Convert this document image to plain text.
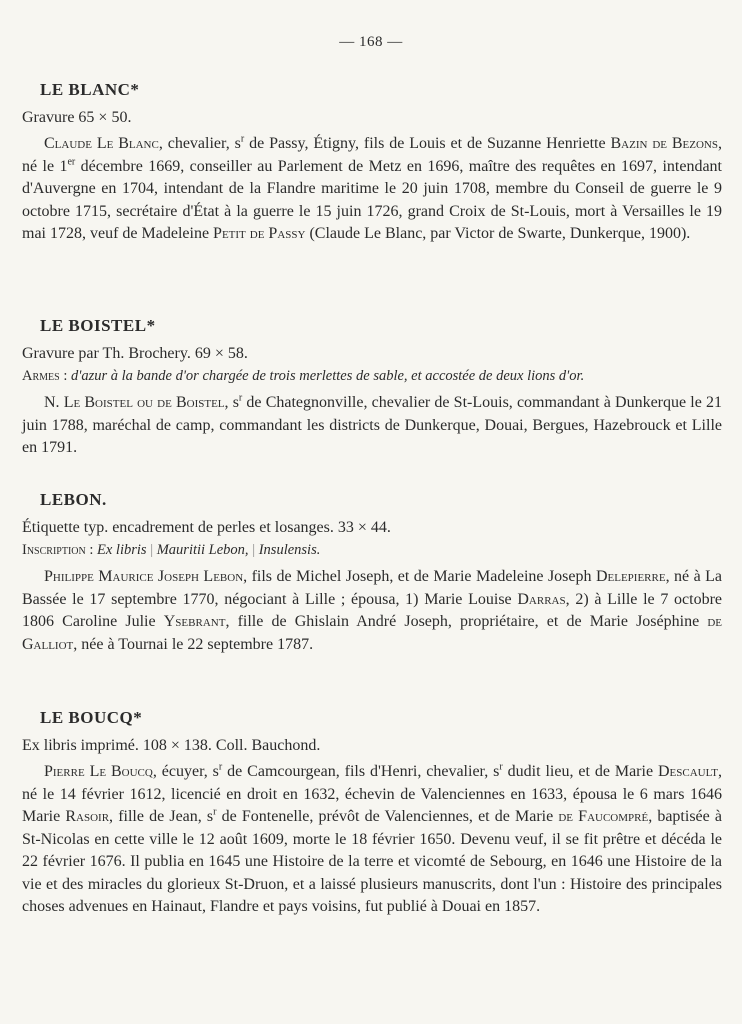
— 168 —
LE BLANC*

Gravure 65 × 50.

Claude Le Blanc, chevalier, $s^r$ de Passy, Étigny, fils de Louis et de Suzanne Henriette Bazin de Bezons, né le 1er décembre 1669, conseiller au Parlement de Metz en 1696, maître des requêtes en 1697, intendant d'Auvergne en 1704, intendant de la Flandre maritime le 20 juin 1708, membre du Conseil de guerre le 9 octobre 1715, secrétaire d'État à la guerre le 15 juin 1726, grand Croix de St-Louis, mort à Versailles le 19 mai 1728, veuf de Madeleine Petit de Passy (Claude Le Blanc, par Victor de Swarte, Dunkerque, 1900).

LE BOISTEL*

Gravure par Th. Brochery. 69 × 58.

Armes : d'azur à la bande d'or chargée de trois merlettes de sable, et accostée de deux lions d'or.

N. Le Boistel ou de Boistel, $s^r$ de Chategnonville, chevalier de St-Louis, commandant à Dunkerque le 21 juin 1788, maréchal de camp, commandant les districts de Dunkerque, Douai, Bergues, Hazebrouck et Lille en 1791.

LEBON.

Étiquette typ. encadrement de perles et losanges. 33 × 44.

Inscription : Ex libris | Mauritii Lebon, | Insulensis.

Philippe Maurice Joseph Lebon, fils de Michel Joseph, et de Marie Madeleine Joseph Delepierre, né à La Bassée le 17 septembre 1770, négociant à Lille ; épousa, 1) Marie Louise Darras, 2) à Lille le 7 octobre 1806 Caroline Julie Ysebrant, fille de Ghislain André Joseph, propriétaire, et de Marie Joséphine de Galliot, née à Tournai le 22 septembre 1787.

LE BOUCQ*

Ex libris imprimé. 108 × 138. Coll. Bauchond.

Pierre Le Boucq, écuyer, $s^r$ de Camcourgean, fils d'Henri, chevalier, $s^r$ dudit lieu, et de Marie Descault, né le 14 février 1612, licencié en droit en 1632, échevin de Valenciennes en 1633, épousa le 6 mars 1646 Marie Rasoir, fille de Jean, $s^r$ de Fontenelle, prévôt de Valenciennes, et de Marie de Faucompré, baptisée à St-Nicolas en cette ville le 12 août 1609, morte le 18 février 1650. Devenu veuf, il se fit prêtre et décéda le 22 février 1676. Il publia en 1645 une Histoire de la terre et vicomté de Sebourg, en 1646 une Histoire de la vie et des miracles du glorieux St-Druon, et a laissé plusieurs manuscrits, dont l'un : Histoire des principales choses advenues en Hainaut, Flandre et pays voisins, fut publié à Douai en 1857.
